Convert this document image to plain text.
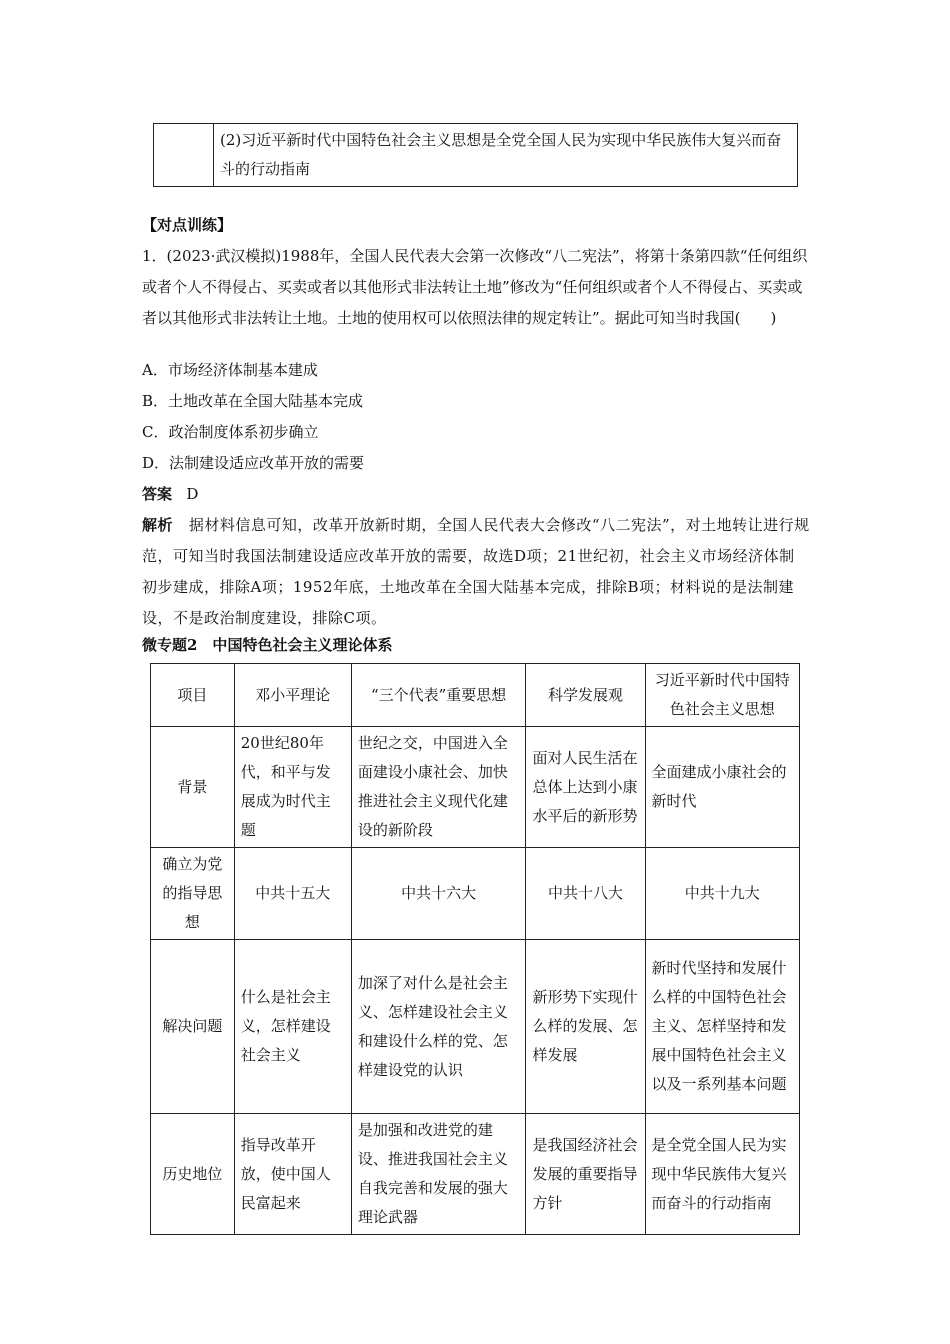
	(2)习近平新时代中国特色社会主义思想是全党全国人民为实现中华民族伟大复兴而奋斗的行动指南
【对点训练】
1．(2023·武汉模拟)1988年，全国人民代表大会第一次修改“八二宪法”，将第十条第四款“任何组织或者个人不得侵占、买卖或者以其他形式非法转让土地”修改为“任何组织或者个人不得侵占、买卖或者以其他形式非法转让土地。土地的使用权可以依照法律的规定转让”。据此可知当时我国(　　)
A．市场经济体制基本建成
B．土地改革在全国大陆基本完成
C．政治制度体系初步确立
D．法制建设适应改革开放的需要
答案 D
解析 据材料信息可知，改革开放新时期，全国人民代表大会修改“八二宪法”，对土地转让进行规范，可知当时我国法制建设适应改革开放的需要，故选D项；21世纪初，社会主义市场经济体制初步建成，排除A项；1952年底，土地改革在全国大陆基本完成，排除B项；材料说的是法制建设，不是政治制度建设，排除C项。
微专题2　中国特色社会主义理论体系
项目	邓小平理论	“三个代表”重要思想	科学发展观	习近平新时代中国特色社会主义思想
背景	20世纪80年代，和平与发展成为时代主题	世纪之交，中国进入全面建设小康社会、加快推进社会主义现代化建设的新阶段	面对人民生活在总体上达到小康水平后的新形势	全面建成小康社会的新时代
确立为党的指导思想	中共十五大	中共十六大	中共十八大	中共十九大
解决问题	什么是社会主义，怎样建设社会主义	加深了对什么是社会主义、怎样建设社会主义和建设什么样的党、怎样建设党的认识	新形势下实现什么样的发展、怎样发展	新时代坚持和发展什么样的中国特色社会主义、怎样坚持和发展中国特色社会主义以及一系列基本问题
历史地位	指导改革开放，使中国人民富起来	是加强和改进党的建设、推进我国社会主义自我完善和发展的强大理论武器	是我国经济社会发展的重要指导方针	是全党全国人民为实现中华民族伟大复兴而奋斗的行动指南
